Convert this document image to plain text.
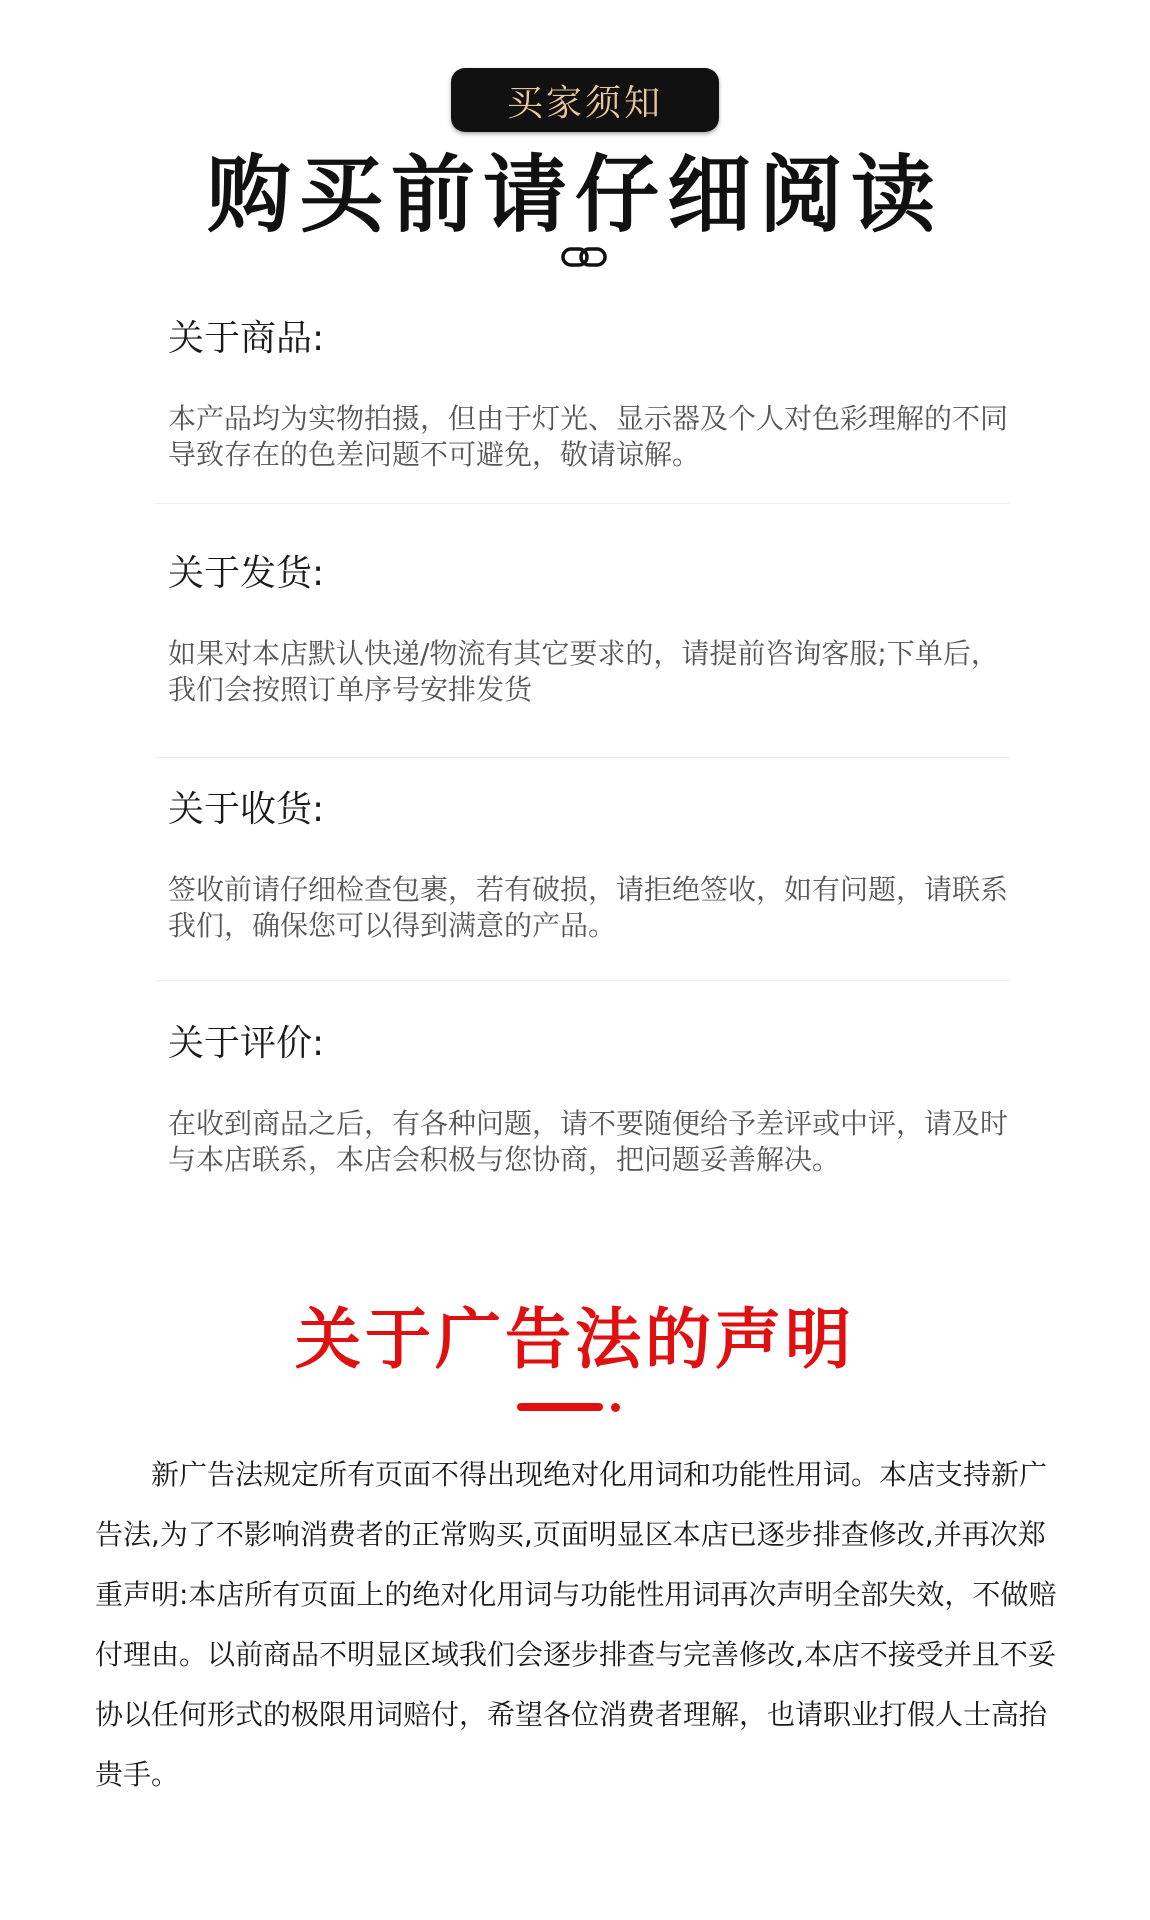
买家须知
购买前请仔细阅读
关于商品:
本产品均为实物拍摄，但由于灯光、显示器及个人对色彩理解的不同导致存在的色差问题不可避免，敬请谅解。
关于发货:
如果对本店默认快递/物流有其它要求的，请提前咨询客服;下单后，我们会按照订单序号安排发货
关于收货:
签收前请仔细检查包裹，若有破损，请拒绝签收，如有问题，请联系我们，确保您可以得到满意的产品。
关于评价:
在收到商品之后，有各种问题，请不要随便给予差评或中评，请及时与本店联系，本店会积极与您协商，把问题妥善解决。
关于广告法的声明
新广告法规定所有页面不得出现绝对化用词和功能性用词。本店支持新广告法,为了不影响消费者的正常购买,页面明显区本店已逐步排查修改,并再次郑重声明:本店所有页面上的绝对化用词与功能性用词再次声明全部失效，不做赔付理由。以前商品不明显区域我们会逐步排查与完善修改,本店不接受并且不妥协以任何形式的极限用词赔付，希望各位消费者理解，也请职业打假人士高抬贵手。
